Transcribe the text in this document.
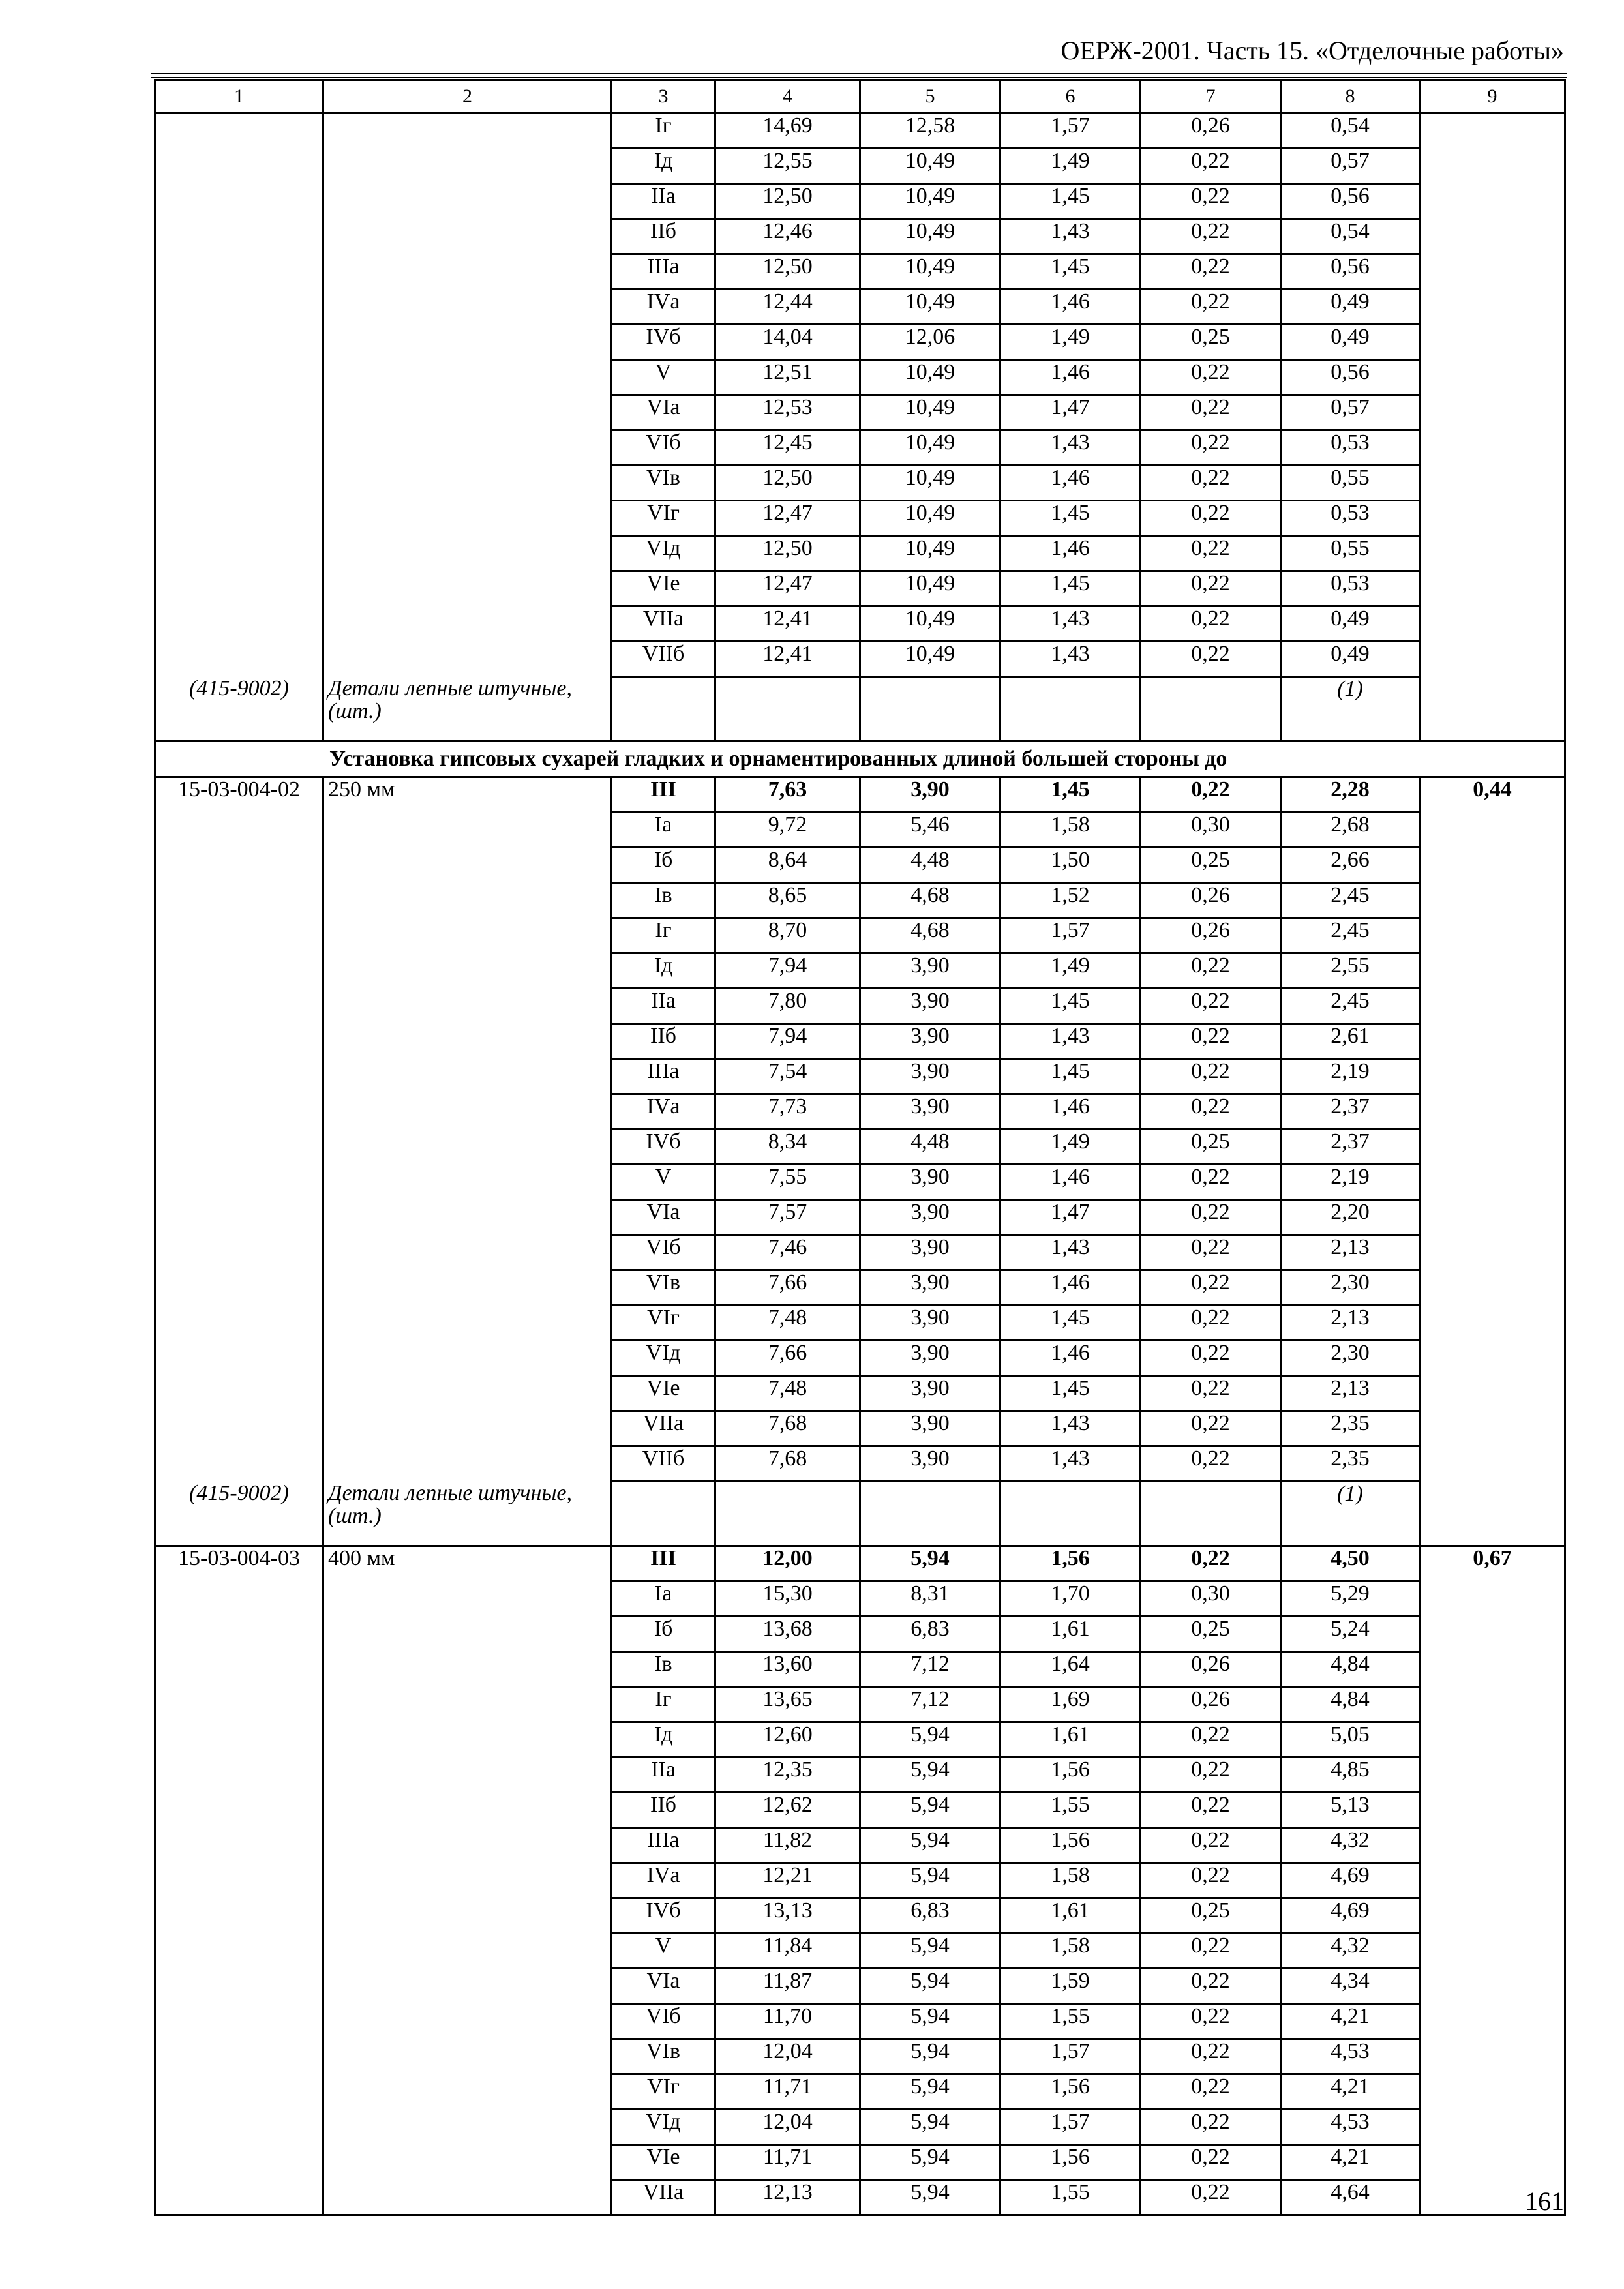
ОЕРЖ-2001. Часть 15. «Отделочные работы»
1	2	3	4	5	6	7	8	9
		Iг	14,69	12,58	1,57	0,26	0,54	
		Iд	12,55	10,49	1,49	0,22	0,57	
		IIа	12,50	10,49	1,45	0,22	0,56	
		IIб	12,46	10,49	1,43	0,22	0,54	
		IIIа	12,50	10,49	1,45	0,22	0,56	
		IVа	12,44	10,49	1,46	0,22	0,49	
		IVб	14,04	12,06	1,49	0,25	0,49	
		V	12,51	10,49	1,46	0,22	0,56	
		VIа	12,53	10,49	1,47	0,22	0,57	
		VIб	12,45	10,49	1,43	0,22	0,53	
		VIв	12,50	10,49	1,46	0,22	0,55	
		VIг	12,47	10,49	1,45	0,22	0,53	
		VIд	12,50	10,49	1,46	0,22	0,55	
		VIе	12,47	10,49	1,45	0,22	0,53	
		VIIа	12,41	10,49	1,43	0,22	0,49	
		VIIб	12,41	10,49	1,43	0,22	0,49	
(415-9002)	Детали лепные штучные, (шт.)						(1)	
Установка гипсовых сухарей гладких и орнаментированных длиной большей стороны до								
15-03-004-02	250 мм	III	7,63	3,90	1,45	0,22	2,28	0,44
		Iа	9,72	5,46	1,58	0,30	2,68	
		Iб	8,64	4,48	1,50	0,25	2,66	
		Iв	8,65	4,68	1,52	0,26	2,45	
		Iг	8,70	4,68	1,57	0,26	2,45	
		Iд	7,94	3,90	1,49	0,22	2,55	
		IIа	7,80	3,90	1,45	0,22	2,45	
		IIб	7,94	3,90	1,43	0,22	2,61	
		IIIа	7,54	3,90	1,45	0,22	2,19	
		IVа	7,73	3,90	1,46	0,22	2,37	
		IVб	8,34	4,48	1,49	0,25	2,37	
		V	7,55	3,90	1,46	0,22	2,19	
		VIа	7,57	3,90	1,47	0,22	2,20	
		VIб	7,46	3,90	1,43	0,22	2,13	
		VIв	7,66	3,90	1,46	0,22	2,30	
		VIг	7,48	3,90	1,45	0,22	2,13	
		VIд	7,66	3,90	1,46	0,22	2,30	
		VIе	7,48	3,90	1,45	0,22	2,13	
		VIIа	7,68	3,90	1,43	0,22	2,35	
		VIIб	7,68	3,90	1,43	0,22	2,35	
(415-9002)	Детали лепные штучные, (шт.)						(1)	
15-03-004-03	400 мм	III	12,00	5,94	1,56	0,22	4,50	0,67
		Iа	15,30	8,31	1,70	0,30	5,29	
		Iб	13,68	6,83	1,61	0,25	5,24	
		Iв	13,60	7,12	1,64	0,26	4,84	
		Iг	13,65	7,12	1,69	0,26	4,84	
		Iд	12,60	5,94	1,61	0,22	5,05	
		IIа	12,35	5,94	1,56	0,22	4,85	
		IIб	12,62	5,94	1,55	0,22	5,13	
		IIIа	11,82	5,94	1,56	0,22	4,32	
		IVа	12,21	5,94	1,58	0,22	4,69	
		IVб	13,13	6,83	1,61	0,25	4,69	
		V	11,84	5,94	1,58	0,22	4,32	
		VIа	11,87	5,94	1,59	0,22	4,34	
		VIб	11,70	5,94	1,55	0,22	4,21	
		VIв	12,04	5,94	1,57	0,22	4,53	
		VIг	11,71	5,94	1,56	0,22	4,21	
		VIд	12,04	5,94	1,57	0,22	4,53	
		VIе	11,71	5,94	1,56	0,22	4,21	
		VIIа	12,13	5,94	1,55	0,22	4,64		161
